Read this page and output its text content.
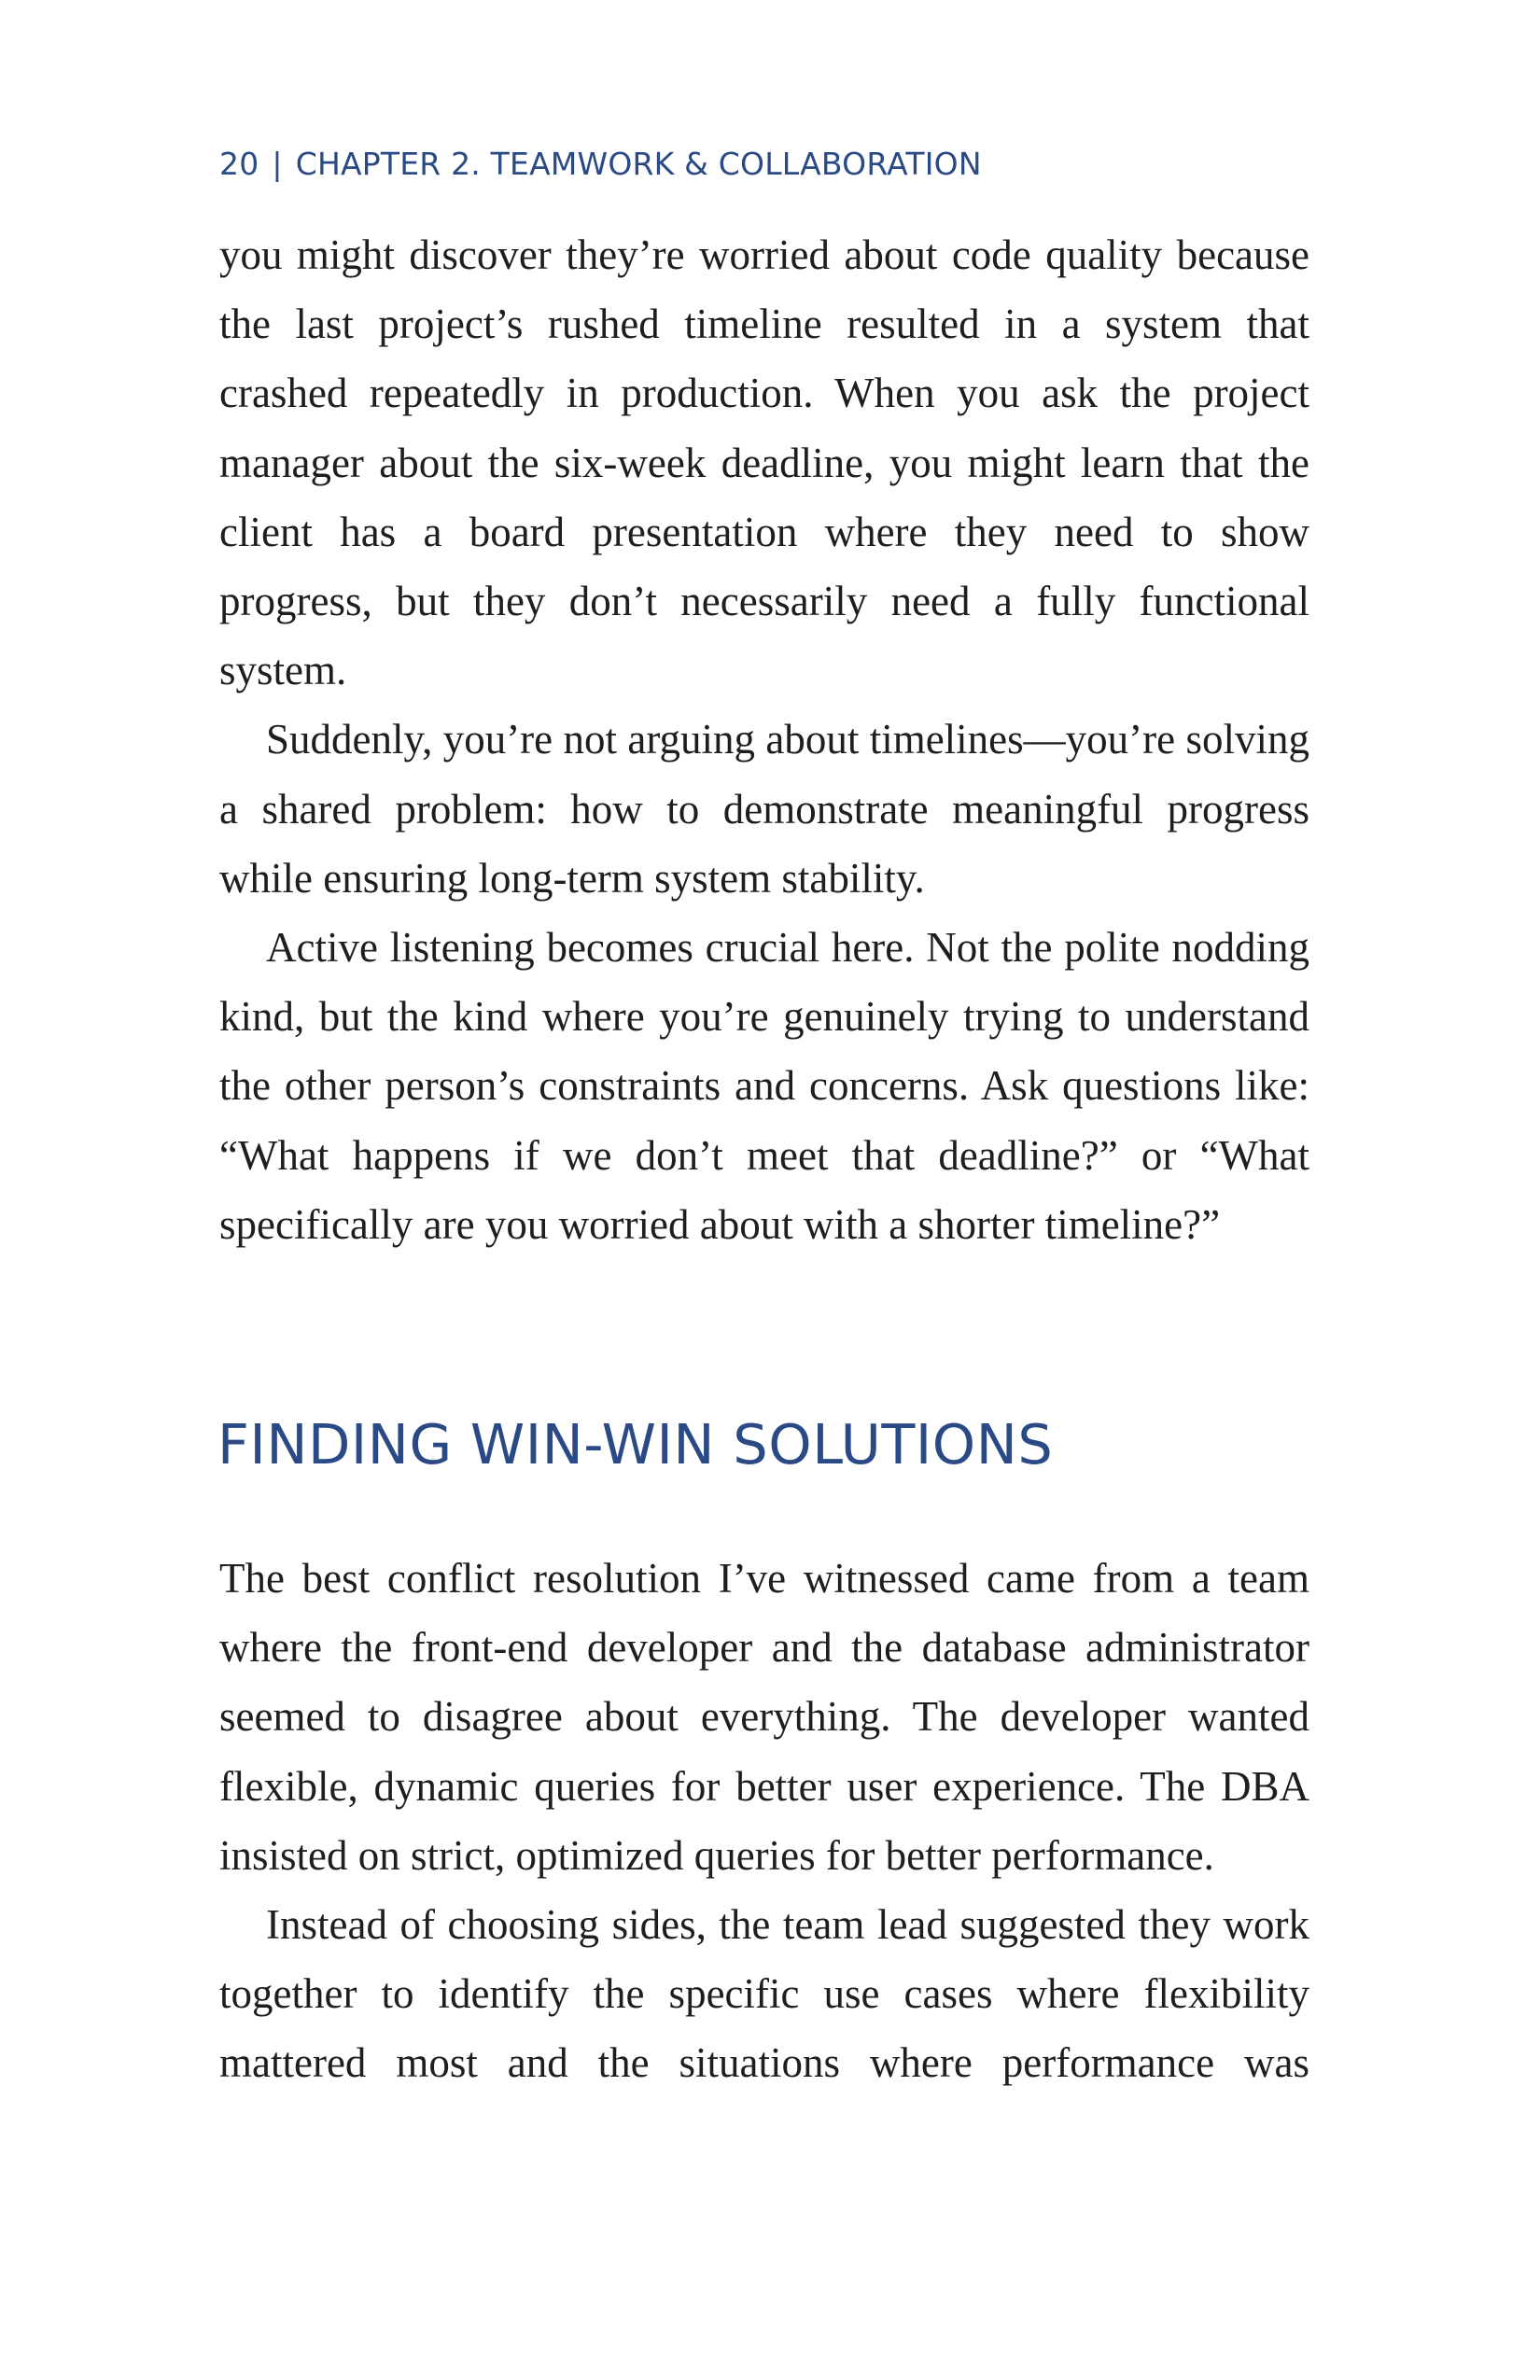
20 | CHAPTER 2. TEAMWORK & COLLABORATION

you might discover they’re worried about code quality because the last project’s rushed timeline resulted in a system that crashed repeatedly in production. When you ask the project manager about the six-week deadline, you might learn that the client has a board presentation where they need to show progress, but they don’t necessarily need a fully functional system.

Suddenly, you’re not arguing about timelines—you’re solving a shared problem: how to demonstrate meaningful progress while ensuring long-term system stability.

Active listening becomes crucial here. Not the polite nodding kind, but the kind where you’re genuinely trying to understand the other person’s constraints and concerns. Ask questions like: “What happens if we don’t meet that deadline?” or “What specifically are you worried about with a shorter timeline?”

FINDING WIN-WIN SOLUTIONS

The best conflict resolution I’ve witnessed came from a team where the front-end developer and the database administrator seemed to disagree about everything. The developer wanted flexible, dynamic queries for better user experience. The DBA insisted on strict, optimized queries for better performance.

Instead of choosing sides, the team lead suggested they work together to identify the specific use cases where flexibility mattered most and the situations where performance was
